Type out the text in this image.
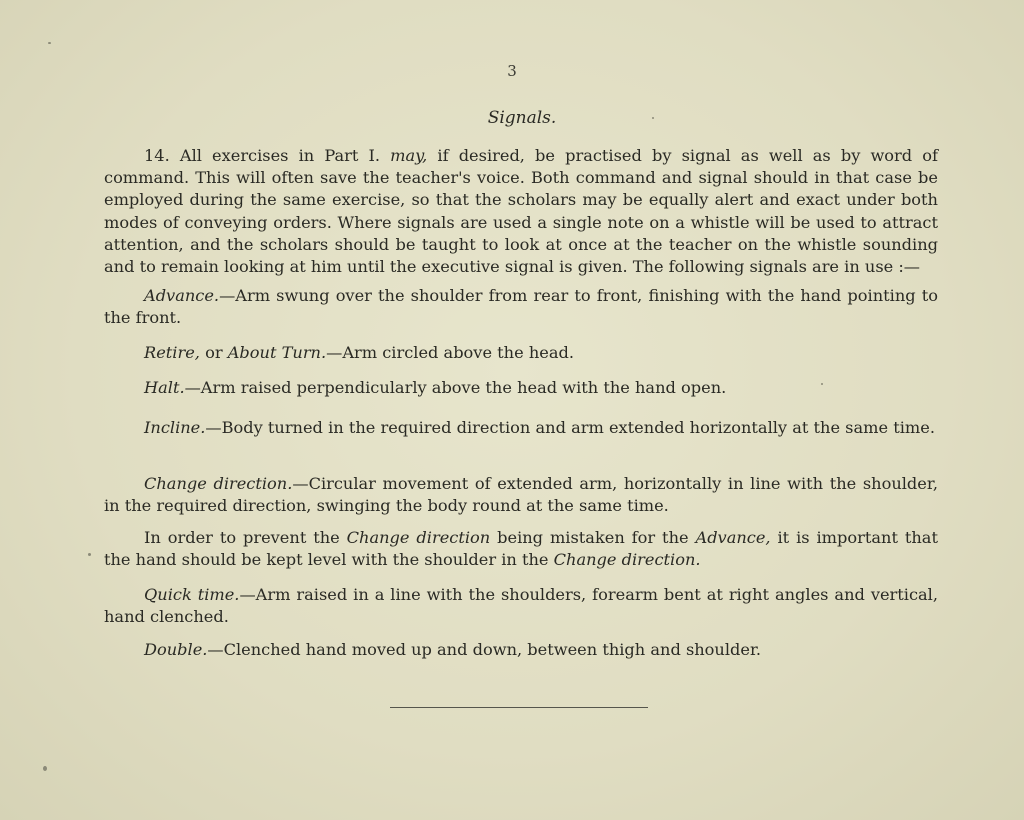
3
Signals.

14. All exercises in Part I. may, if desired, be practised by signal as well as by word of command. This will often save the teacher's voice. Both command and signal should in that case be employed during the same exercise, so that the scholars may be equally alert and exact under both modes of conveying orders. Where signals are used a single note on a whistle will be used to attract attention, and the scholars should be taught to look at once at the teacher on the whistle sounding and to remain looking at him until the executive signal is given. The following signals are in use :—

Advance.—Arm swung over the shoulder from rear to front, finishing with the hand pointing to the front.

Retire, or About Turn.—Arm circled above the head.

Halt.—Arm raised perpendicularly above the head with the hand open.

Incline.—Body turned in the required direction and arm extended horizontally at the same time.

Change direction.—Circular movement of extended arm, horizontally in line with the shoulder, in the required direction, swinging the body round at the same time.

In order to prevent the Change direction being mistaken for the Advance, it is important that the hand should be kept level with the shoulder in the Change direction.

Quick time.—Arm raised in a line with the shoulders, forearm bent at right angles and vertical, hand clenched.

Double.—Clenched hand moved up and down, between thigh and shoulder.
